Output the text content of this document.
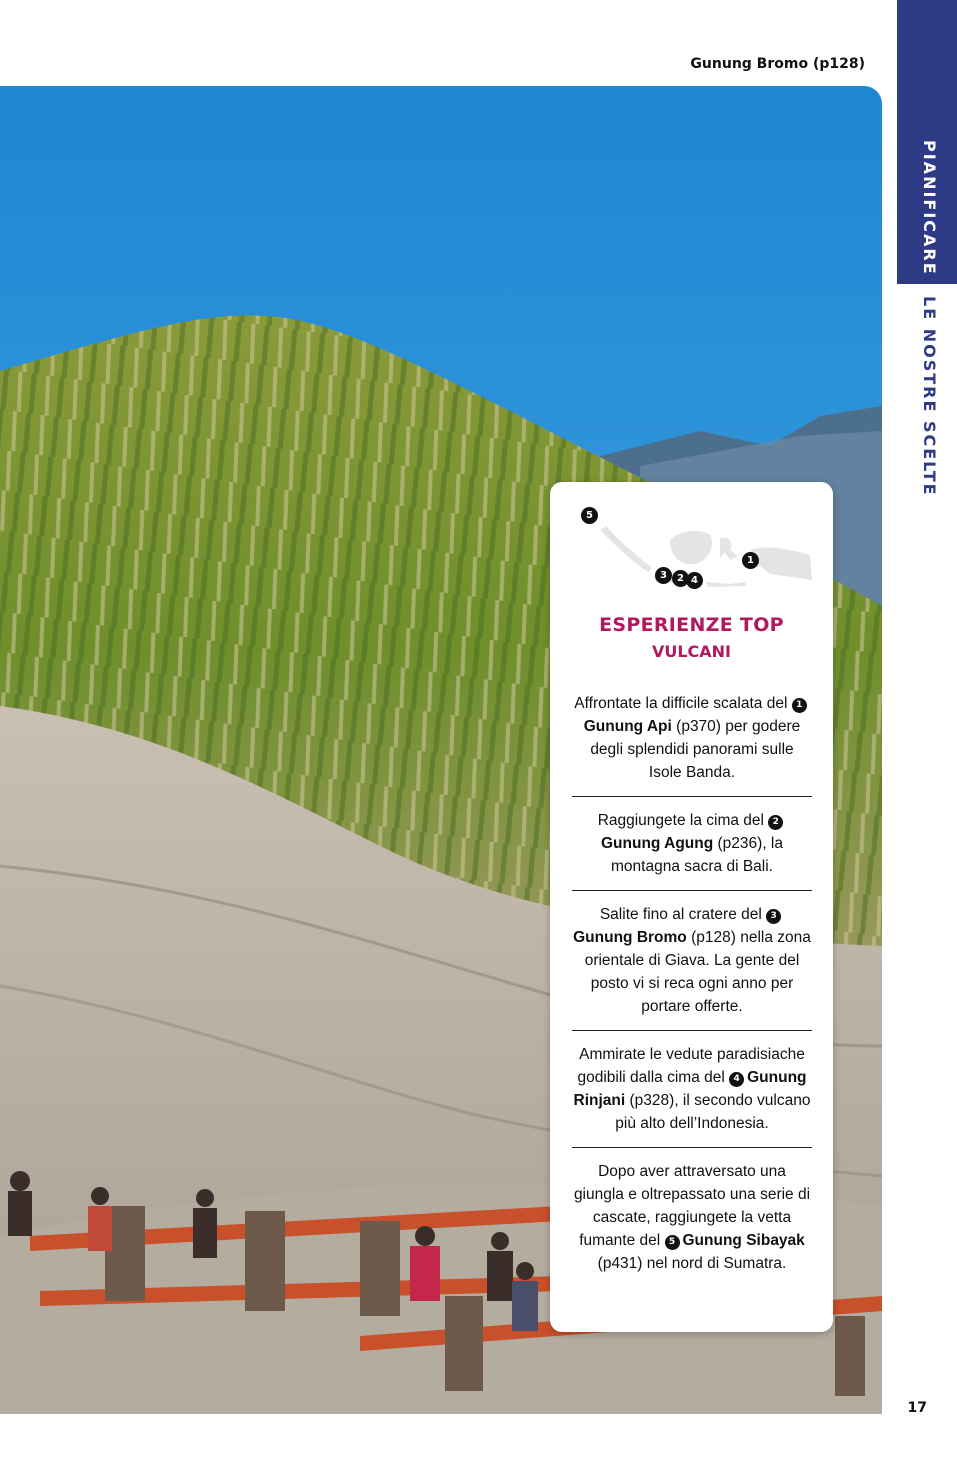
Gunung Bromo (p128)
PIANIFICARE
LE NOSTRE SCELTE
17
5
1
3	2 4
ESPERIENZE TOP
VULCANI
Affrontate la difficile scalata del 1Gunung Api (p370) per godere degli splendidi panorami sulle Isole Banda.
Raggiungete la cima del 2Gunung Agung (p236), la montagna sacra di Bali.
Salite fino al cratere del 3Gunung Bromo (p128) nella zona orientale di Giava. La gente del posto vi si reca ogni anno per portare offerte.
Ammirate le vedute paradisiache godibili dalla cima del 4 Gunung Rinjani (p328), il secondo vulcano più alto dell’Indonesia.
Dopo aver attraversato una giungla e oltrepassato una serie di cascate, raggiungete la vetta fumante del 5 Gunung Sibayak (p431) nel nord di Sumatra.
